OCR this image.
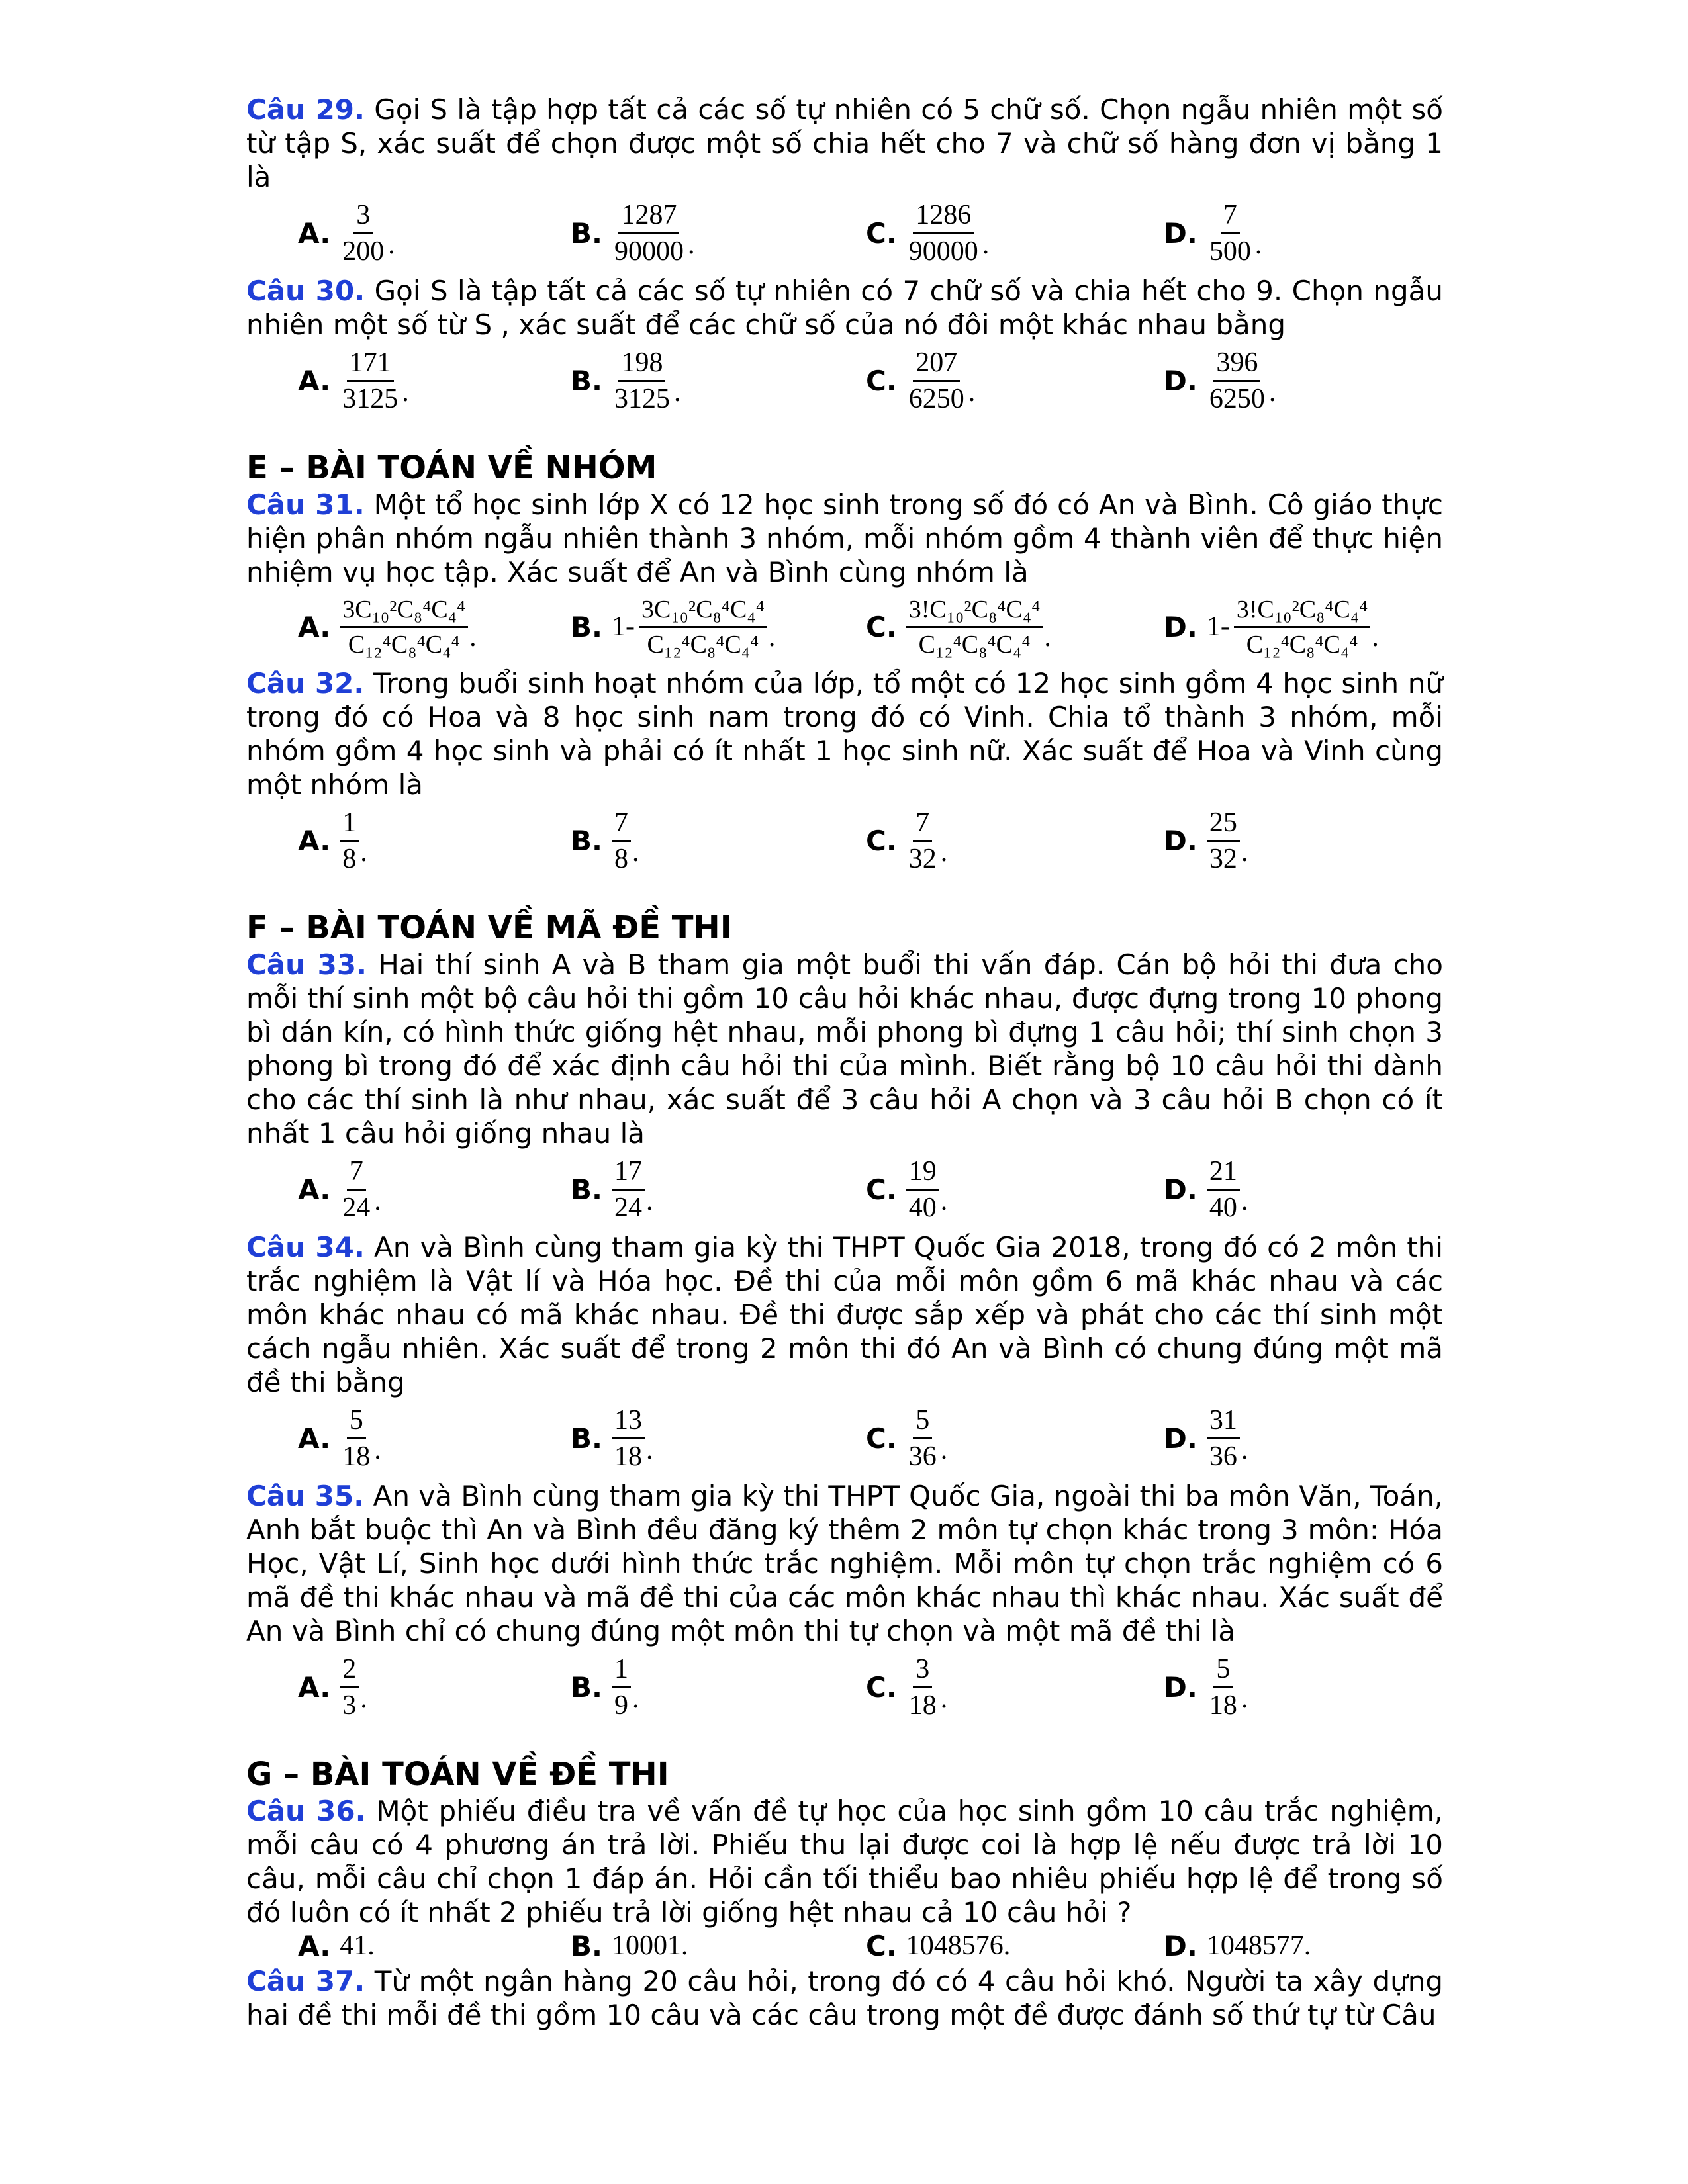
Câu 29. Gọi S là tập hợp tất cả các số tự nhiên có 5 chữ số. Chọn ngẫu nhiên một số từ tập S, xác suất để chọn được một số chia hết cho 7 và chữ số hàng đơn vị bằng 1 là

A. $\frac{3}{200}$ .	B. $\frac{1287}{90000}$ .	C. $\frac{1286}{90000}$ .	D. $\frac{7}{500}$ .

Câu 30. Gọi S là tập tất cả các số tự nhiên có 7 chữ số và chia hết cho 9. Chọn ngẫu nhiên một số từ S , xác suất để các chữ số của nó đôi một khác nhau bằng

A. $\frac{171}{3125}$ .	B. $\frac{198}{3125}$ .	C. $\frac{207}{6250}$ .	D. $\frac{396}{6250}$ .
E – BÀI TOÁN VỀ NHÓM

Câu 31. Một tổ học sinh lớp X có 12 học sinh trong số đó có An và Bình. Cô giáo thực hiện phân nhóm ngẫu nhiên thành 3 nhóm, mỗi nhóm gồm 4 thành viên để thực hiện nhiệm vụ học tập. Xác suất để An và Bình cùng nhóm là

A. $\frac{\text{3C₁₀²C₈⁴C₄⁴}}{\text{C₁₂⁴C₈⁴C₄⁴}}$ .	B. $1- \frac{\text{3C₁₀²C₈⁴C₄⁴}}{\text{C₁₂⁴C₈⁴C₄⁴}}$ .	C. $\frac{\text{3!C₁₀²C₈⁴C₄⁴}}{\text{C₁₂⁴C₈⁴C₄⁴}}$ .	D. $1- \frac{\text{3!C₁₀²C₈⁴C₄⁴}}{\text{C₁₂⁴C₈⁴C₄⁴}}$ .

Câu 32. Trong buổi sinh hoạt nhóm của lớp, tổ một có 12 học sinh gồm 4 học sinh nữ trong đó có Hoa và 8 học sinh nam trong đó có Vinh. Chia tổ thành 3 nhóm, mỗi nhóm gồm 4 học sinh và phải có ít nhất 1 học sinh nữ. Xác suất để Hoa và Vinh cùng một nhóm là

A. $\frac{1}{8}$ .	B. $\frac{7}{8}$ .	C. $\frac{7}{32}$ .	D. $\frac{25}{32}$ .
F – BÀI TOÁN VỀ MÃ ĐỀ THI

Câu 33. Hai thí sinh A và B tham gia một buổi thi vấn đáp. Cán bộ hỏi thi đưa cho mỗi thí sinh một bộ câu hỏi thi gồm 10 câu hỏi khác nhau, được đựng trong 10 phong bì dán kín, có hình thức giống hệt nhau, mỗi phong bì đựng 1 câu hỏi; thí sinh chọn 3 phong bì trong đó để xác định câu hỏi thi của mình. Biết rằng bộ 10 câu hỏi thi dành cho các thí sinh là như nhau, xác suất để 3 câu hỏi A chọn và 3 câu hỏi B chọn có ít nhất 1 câu hỏi giống nhau là

A. $\frac{7}{24}$ .	B. $\frac{17}{24}$ .	C. $\frac{19}{40}$ .	D. $\frac{21}{40}$ .

Câu 34. An và Bình cùng tham gia kỳ thi THPT Quốc Gia 2018, trong đó có 2 môn thi trắc nghiệm là Vật lí và Hóa học. Đề thi của mỗi môn gồm 6 mã khác nhau và các môn khác nhau có mã khác nhau. Đề thi được sắp xếp và phát cho các thí sinh một cách ngẫu nhiên. Xác suất để trong 2 môn thi đó An và Bình có chung đúng một mã đề thi bằng

A. $\frac{5}{18}$ .	B. $\frac{13}{18}$ .	C. $\frac{5}{36}$ .	D. $\frac{31}{36}$ .

Câu 35. An và Bình cùng tham gia kỳ thi THPT Quốc Gia, ngoài thi ba môn Văn, Toán, Anh bắt buộc thì An và Bình đều đăng ký thêm 2 môn tự chọn khác trong 3 môn: Hóa Học, Vật Lí, Sinh học dưới hình thức trắc nghiệm. Mỗi môn tự chọn trắc nghiệm có 6 mã đề thi khác nhau và mã đề thi của các môn khác nhau thì khác nhau. Xác suất để An và Bình chỉ có chung đúng một môn thi tự chọn và một mã đề thi là

A. $\frac{2}{3}$ .	B. $\frac{1}{9}$ .	C. $\frac{3}{18}$ .	D. $\frac{5}{18}$ .
G – BÀI TOÁN VỀ ĐỀ THI

Câu 36. Một phiếu điều tra về vấn đề tự học của học sinh gồm 10 câu trắc nghiệm, mỗi câu có 4 phương án trả lời. Phiếu thu lại được coi là hợp lệ nếu được trả lời 10 câu, mỗi câu chỉ chọn 1 đáp án. Hỏi cần tối thiểu bao nhiêu phiếu hợp lệ để trong số đó luôn có ít nhất 2 phiếu trả lời giống hệt nhau cả 10 câu hỏi ?

A. 41.	B. 10001.	C. 1048576.	D. 1048577.

Câu 37. Từ một ngân hàng 20 câu hỏi, trong đó có 4 câu hỏi khó. Người ta xây dựng hai đề thi mỗi đề thi gồm 10 câu và các câu trong một đề được đánh số thứ tự từ Câu
